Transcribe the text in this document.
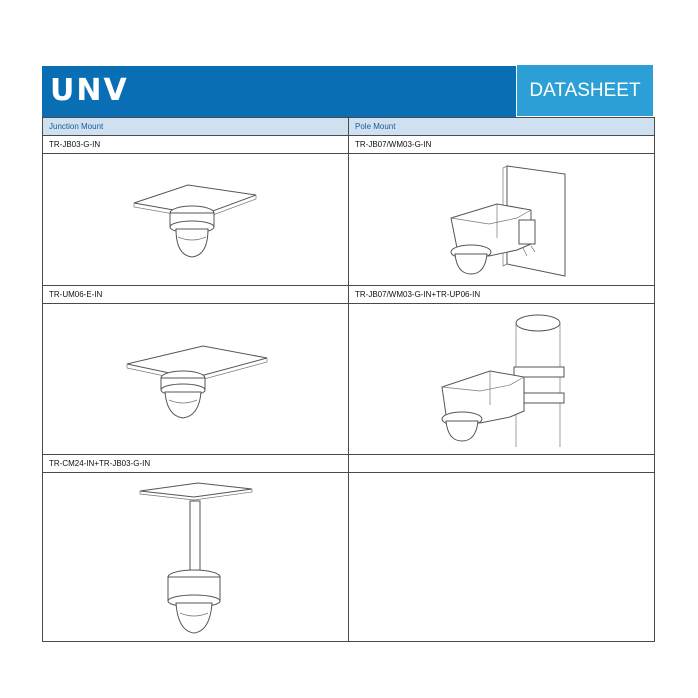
UNV	DATASHEET
Junction Mount	Pole Mount
TR-JB03-G-IN	TR-JB07/WM03-G-IN

TR-UM06-E-IN	TR-JB07/WM03-G-IN+TR-UP06-IN

TR-CM24-IN+TR-JB03-G-IN	
